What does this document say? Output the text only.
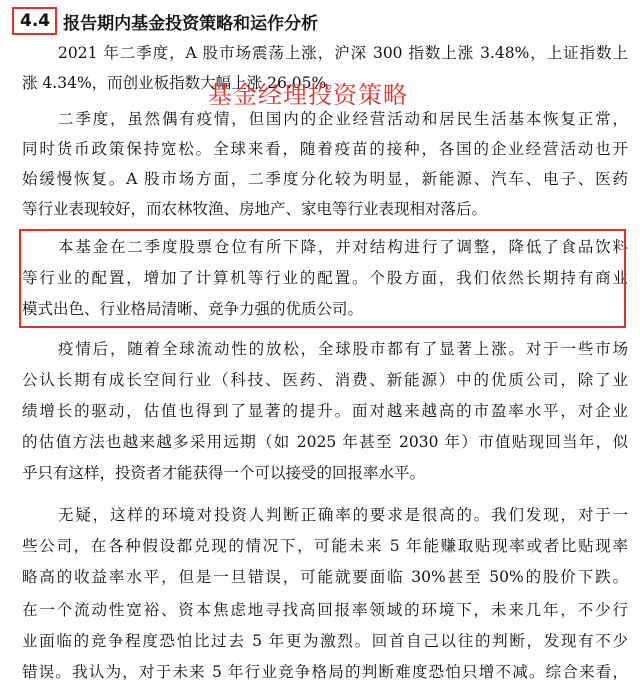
4.4 报告期内基金投资策略和运作分析
2021 年二季度，A 股市场震荡上涨，沪深 300 指数上涨 3.48%，上证指数上
涨 4.34%，而创业板指数大幅上涨 26.05%。
二季度，虽然偶有疫情，但国内的企业经营活动和居民生活基本恢复正常，
同时货币政策保持宽松。全球来看，随着疫苗的接种，各国的企业经营活动也开
始缓慢恢复。A 股市场方面，二季度分化较为明显，新能源、汽车、电子、医药
等行业表现较好，而农林牧渔、房地产、家电等行业表现相对落后。
本基金在二季度股票仓位有所下降，并对结构进行了调整，降低了食品饮料
等行业的配置，增加了计算机等行业的配置。个股方面，我们依然长期持有商业
模式出色、行业格局清晰、竞争力强的优质公司。
疫情后，随着全球流动性的放松，全球股市都有了显著上涨。对于一些市场
公认长期有成长空间行业（科技、医药、消费、新能源）中的优质公司，除了业
绩增长的驱动，估值也得到了显著的提升。面对越来越高的市盈率水平，对企业
的估值方法也越来越多采用远期（如 2025 年甚至 2030 年）市值贴现回当年，似
乎只有这样，投资者才能获得一个可以接受的回报率水平。
无疑，这样的环境对投资人判断正确率的要求是很高的。我们发现，对于一
些公司，在各种假设都兑现的情况下，可能未来 5 年能赚取贴现率或者比贴现率
略高的收益率水平，但是一旦错误，可能就要面临 30%甚至 50%的股价下跌。
在一个流动性宽裕、资本焦虑地寻找高回报率领域的环境下，未来几年，不少行
业面临的竞争程度恐怕比过去 5 年更为激烈。回首自己以往的判断，发现有不少
错误。我认为，对于未来 5 年行业竞争格局的判断难度恐怕只增不减。综合来看，
基金经理投资策略
